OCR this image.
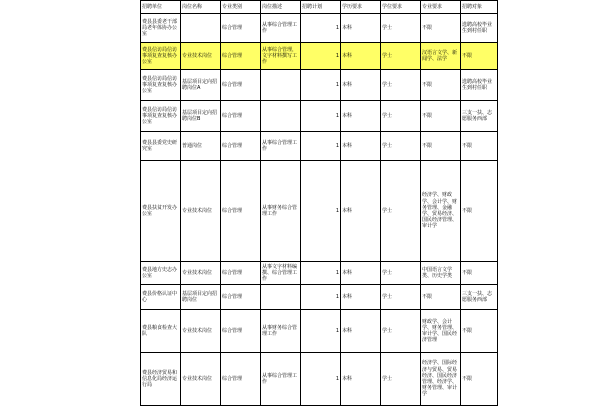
招聘单位	岗位名称	专业类别	岗位描述	招聘计划	学历要求	学位要求	专业要求	招聘对象
费县县委老干部局老年体协办公室		综合管理	从事综合管理工作	1	本科	学士	不限	选聘高校毕业生到村任职
费县信访局信访事项复查复核办公室	专业技术岗位	综合管理	从事综合管理，文字材料撰写工作	1	本科	学士	汉语言文学、新闻学、法学	不限
费县信访局信访事项复查复核办公室	基层项目定向招聘岗位A	综合管理		1	本科	学士	不限	选聘高校毕业生到村任职
费县信访局信访事项复查复核办公室	基层项目定向招聘岗位B	综合管理		1	本科	学士	不限	三支一扶、志愿服务西部
费县县委党史研究室	普通岗位	综合管理	从事综合管理工作	1	本科	学士	不限	不限
费县扶贫开发办公室	专业技术岗位	综合管理	从事财务综合管理工作	1	本科	学士	经济学、财政学、会计学、财务管理、金融学、贸易经济、国民经济管理、审计学	不限
费县地方史志办公室	专业技术岗位	综合管理	从事文字材料编撰、综合管理工作	1	本科	学士	中国语言文学类、历史学类	不限
费县价格认证中心	基层项目定向招聘岗位	综合管理		1	本科	学士	不限	三支一扶、志愿服务西部
费县粮食检查大队	专业技术岗位	综合管理	从事财务综合管理工作	1	本科	学士	财政学、会计学、财务管理、审计学、国民经济管理	不限
费县经济贸易和信息化局经济运行局	专业技术岗位	综合管理	从事综合管理工作	1	本科	学士	经济学、国际经济与贸易、贸易经济、国民经济管理、经济学、财务管理、审计学	不限
